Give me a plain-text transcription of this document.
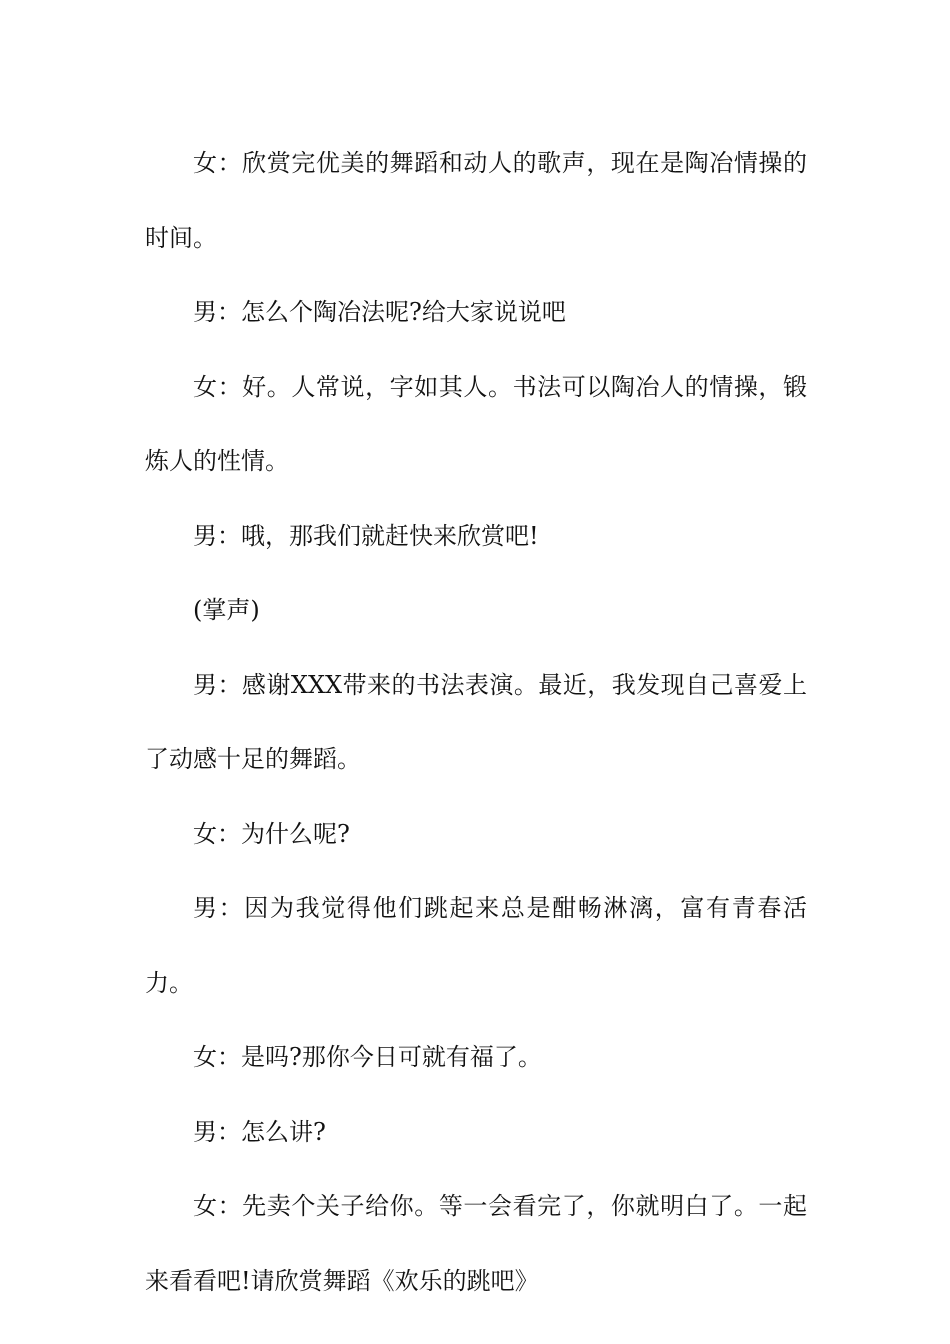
女：欣赏完优美的舞蹈和动人的歌声，现在是陶冶情操的时间。

男：怎么个陶冶法呢?给大家说说吧

女：好。人常说，字如其人。书法可以陶冶人的情操，锻炼人的性情。

男：哦，那我们就赶快来欣赏吧!

(掌声)

男：感谢XXX带来的书法表演。最近，我发现自己喜爱上了动感十足的舞蹈。

女：为什么呢?

男：因为我觉得他们跳起来总是酣畅淋漓，富有青春活力。

女：是吗?那你今日可就有福了。

男：怎么讲?

女：先卖个关子给你。等一会看完了，你就明白了。一起来看看吧!请欣赏舞蹈《欢乐的跳吧》
